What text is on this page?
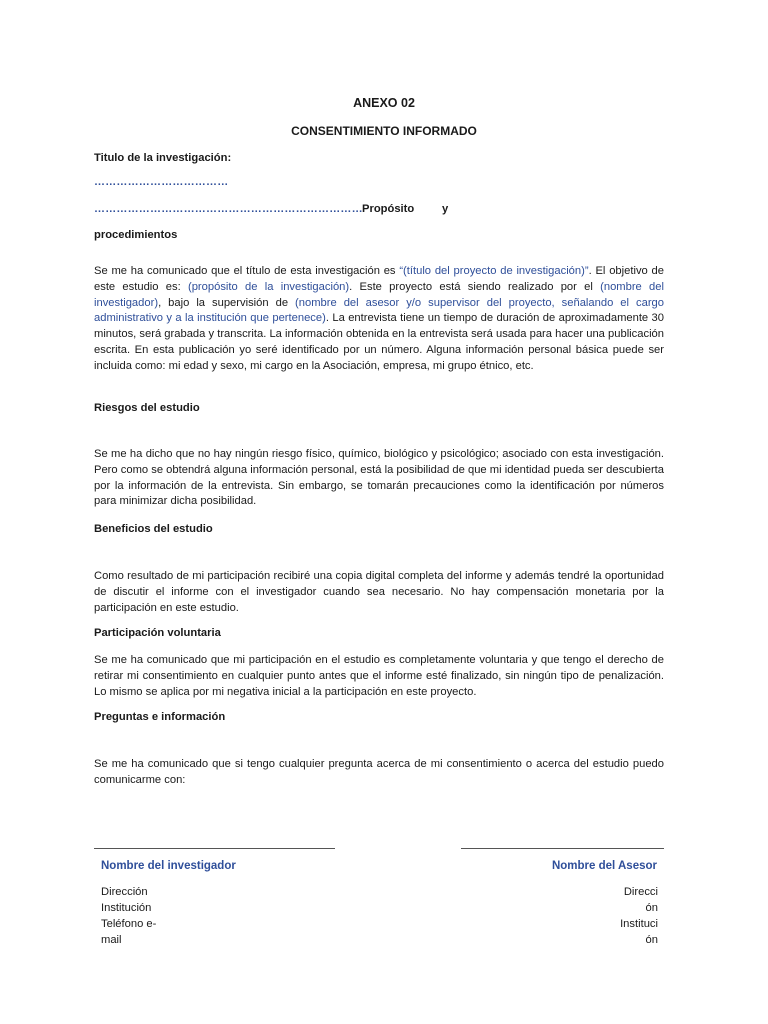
ANEXO 02
CONSENTIMIENTO INFORMADO
Titulo de la investigación:
………………………………
……………………………………………………………… Propósito y
procedimientos
Se me ha comunicado que el título de esta investigación es “(título del proyecto de investigación)”. El objetivo de este estudio es: (propósito de la investigación). Este proyecto está siendo realizado por el (nombre del investigador), bajo la supervisión de (nombre del asesor y/o supervisor del proyecto, señalando el cargo administrativo y a la institución que pertenece). La entrevista tiene un tiempo de duración de aproximadamente 30 minutos, será grabada y transcrita. La información obtenida en la entrevista será usada para hacer una publicación escrita. En esta publicación yo seré identificado por un número. Alguna información personal básica puede ser incluida como: mi edad y sexo, mi cargo en la Asociación, empresa, mi grupo étnico, etc.
Riesgos del estudio
Se me ha dicho que no hay ningún riesgo físico, químico, biológico y psicológico; asociado con esta investigación. Pero como se obtendrá alguna información personal, está la posibilidad de que mi identidad pueda ser descubierta por la información de la entrevista. Sin embargo, se tomarán precauciones como la identificación por números para minimizar dicha posibilidad.
Beneficios del estudio
Como resultado de mi participación recibiré una copia digital completa del informe y además tendré la oportunidad de discutir el informe con el investigador cuando sea necesario. No hay compensación monetaria por la participación en este estudio.
Participación voluntaria
Se me ha comunicado que mi participación en el estudio es completamente voluntaria y que tengo el derecho de retirar mi consentimiento en cualquier punto antes que el informe esté finalizado, sin ningún tipo de penalización. Lo mismo se aplica por mi negativa inicial a la participación en este proyecto.
Preguntas e información
Se me ha comunicado que si tengo cualquier pregunta acerca de mi consentimiento o acerca del estudio puedo comunicarme con:
Nombre del investigador	Nombre del Asesor
Dirección
Institución
Teléfono e-
mail
Direcci
ón
Instituci
ón
